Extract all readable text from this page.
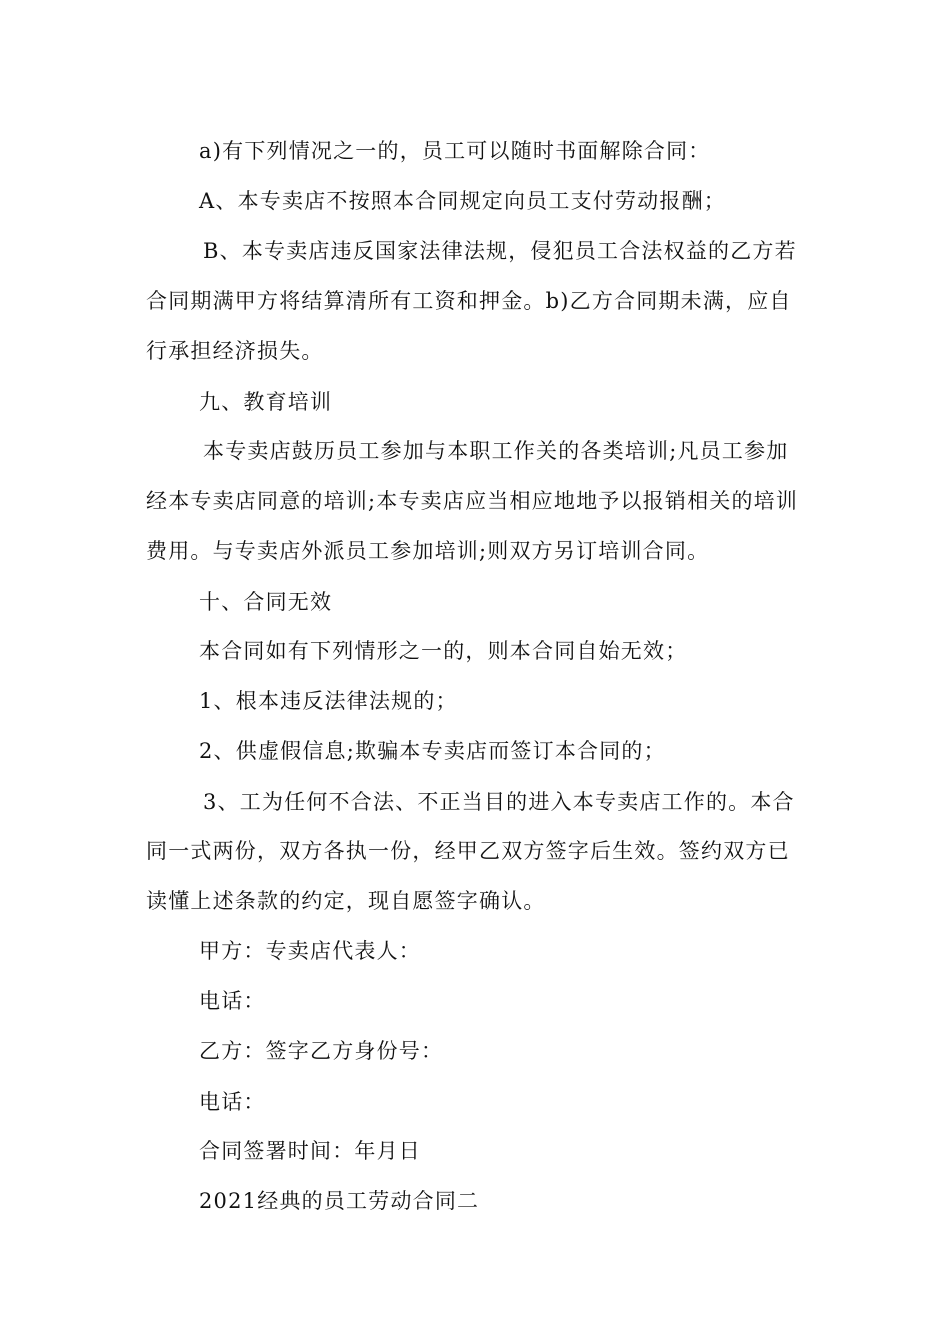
a)有下列情况之一的，员工可以随时书面解除合同：
A、本专卖店不按照本合同规定向员工支付劳动报酬；
B、本专卖店违反国家法律法规，侵犯员工合法权益的乙方若
合同期满甲方将结算清所有工资和押金。b)乙方合同期未满，应自
行承担经济损失。
九、教育培训
本专卖店鼓历员工参加与本职工作关的各类培训;凡员工参加
经本专卖店同意的培训;本专卖店应当相应地地予以报销相关的培训
费用。与专卖店外派员工参加培训;则双方另订培训合同。
十、合同无效
本合同如有下列情形之一的，则本合同自始无效；
1、根本违反法律法规的；
2、供虚假信息;欺骗本专卖店而签订本合同的；
3、工为任何不合法、不正当目的进入本专卖店工作的。本合
同一式两份，双方各执一份，经甲乙双方签字后生效。签约双方已
读懂上述条款的约定，现自愿签字确认。
甲方：专卖店代表人：
电话：
乙方：签字乙方身份号：
电话：
合同签署时间：年月日
2021经典的员工劳动合同二
